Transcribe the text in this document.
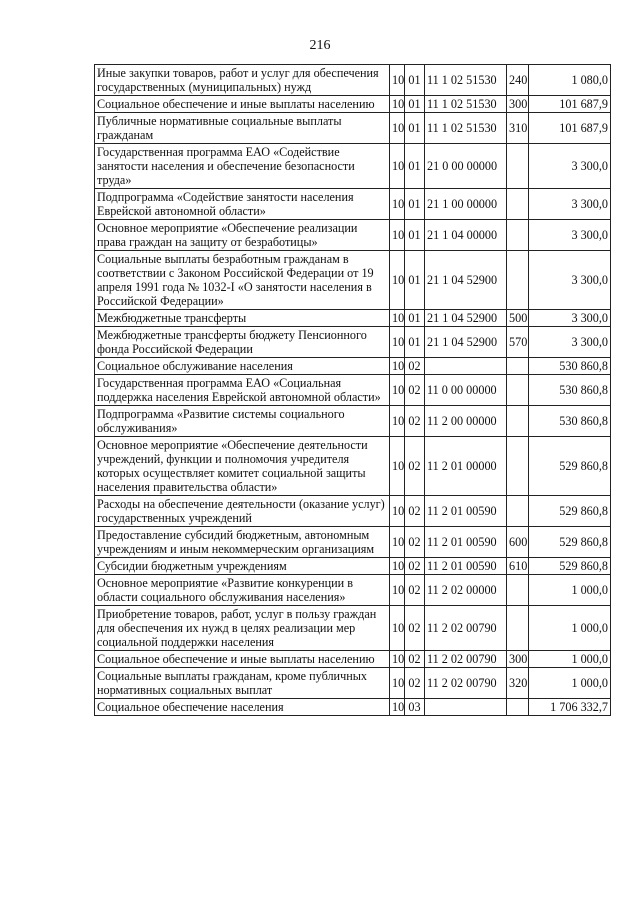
216
Иные закупки товаров, работ и услуг для обеспечения государственных (муниципальных) нужд	10	01	11 1 02 51530	240	1 080,0
Социальное обеспечение и иные выплаты населению	10	01	11 1 02 51530	300	101 687,9
Публичные нормативные социальные выплаты гражданам	10	01	11 1 02 51530	310	101 687,9
Государственная программа ЕАО «Содействие занятости населения и обеспечение безопасности труда»	10	01	21 0 00 00000		3 300,0
Подпрограмма «Содействие занятости населения Еврейской автономной области»	10	01	21 1 00 00000		3 300,0
Основное мероприятие «Обеспечение реализации права граждан на защиту от безработицы»	10	01	21 1 04 00000		3 300,0
Социальные выплаты безработным гражданам в соответствии с Законом Российской Федерации от 19 апреля 1991 года № 1032-I «О занятости населения в Российской Федерации»	10	01	21 1 04 52900		3 300,0
Межбюджетные трансферты	10	01	21 1 04 52900	500	3 300,0
Межбюджетные трансферты бюджету Пенсионного фонда Российской Федерации	10	01	21 1 04 52900	570	3 300,0
Социальное обслуживание населения	10	02			530 860,8
Государственная программа ЕАО «Социальная поддержка населения Еврейской автономной области»	10	02	11 0 00 00000		530 860,8
Подпрограмма «Развитие системы социального обслуживания»	10	02	11 2 00 00000		530 860,8
Основное мероприятие «Обеспечение деятельности учреждений, функции и полномочия учредителя которых осуществляет комитет социальной защиты населения правительства области»	10	02	11 2 01 00000		529 860,8
Расходы на обеспечение деятельности (оказание услуг) государственных учреждений	10	02	11 2 01 00590		529 860,8
Предоставление субсидий бюджетным, автономным учреждениям и иным некоммерческим организациям	10	02	11 2 01 00590	600	529 860,8
Субсидии бюджетным учреждениям	10	02	11 2 01 00590	610	529 860,8
Основное мероприятие «Развитие конкуренции в области социального обслуживания населения»	10	02	11 2 02 00000		1 000,0
Приобретение товаров, работ, услуг в пользу граждан для обеспечения их нужд в целях реализации мер социальной поддержки населения	10	02	11 2 02 00790		1 000,0
Социальное обеспечение и иные выплаты населению	10	02	11 2 02 00790	300	1 000,0
Социальные выплаты гражданам, кроме публичных нормативных социальных выплат	10	02	11 2 02 00790	320	1 000,0
Социальное обеспечение населения	10	03			1 706 332,7
